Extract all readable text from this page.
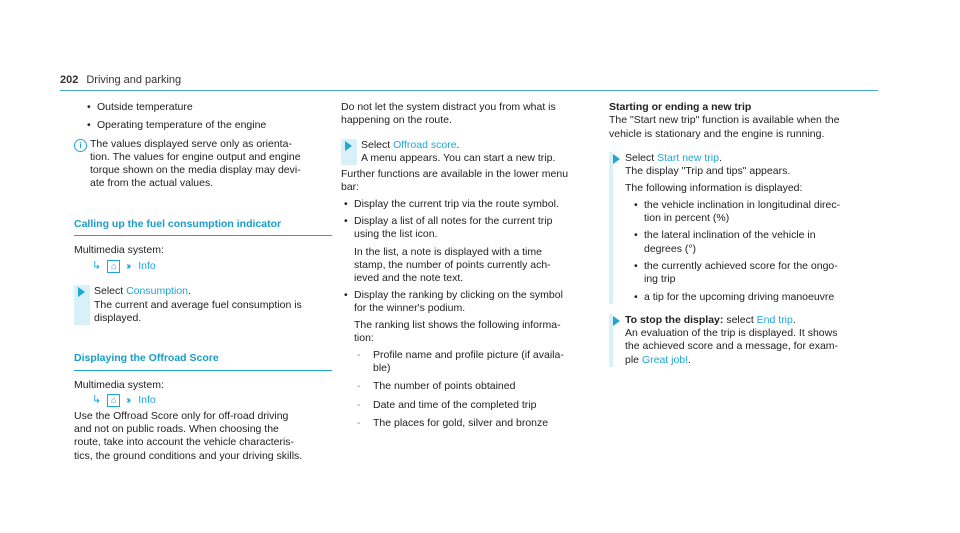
202 Driving and parking
• Outside temperature
• Operating temperature of the engine
i The values displayed serve only as orienta-
tion. The values for engine output and engine
torque shown on the media display may devi-
ate from the actual values.
Calling up the fuel consumption indicator

Multimedia system:

↳	⌂ ›› Info

Select Consumption.

The current and average fuel consumption is
displayed.

Displaying the Offroad Score

Multimedia system:

↳	⌂ ›› Info

Use the Offroad Score only for off-road driving
and not on public roads. When choosing the
route, take into account the vehicle characteris-
tics, the ground conditions and your driving skills.

Do not let the system distract you from what is
happening on the route.

Select Offroad score.

A menu appears. You can start a new trip.

Further functions are available in the lower menu
bar:

• Display the current trip via the route symbol.
• Display a list of all notes for the current trip
using the list icon.

In the list, a note is displayed with a time
stamp, the number of points currently ach-
ieved and the note text.

• Display the ranking by clicking on the symbol
for the winner's podium.

The ranking list shows the following informa-
tion:

- Profile name and profile picture (if availa-
ble)
- The number of points obtained
- Date and time of the completed trip
- The places for gold, silver and bronze

Starting or ending a new trip

The "Start new trip" function is available when the
vehicle is stationary and the engine is running.

Select Start new trip.

The display "Trip and tips" appears.

The following information is displayed:

• the vehicle inclination in longitudinal direc-
tion in percent (%)
• the lateral inclination of the vehicle in
degrees (°)
• the currently achieved score for the ongo-
ing trip
• a tip for the upcoming driving manoeuvre

To stop the display: select End trip.

An evaluation of the trip is displayed. It shows
the achieved score and a message, for exam-
ple Great job!.
